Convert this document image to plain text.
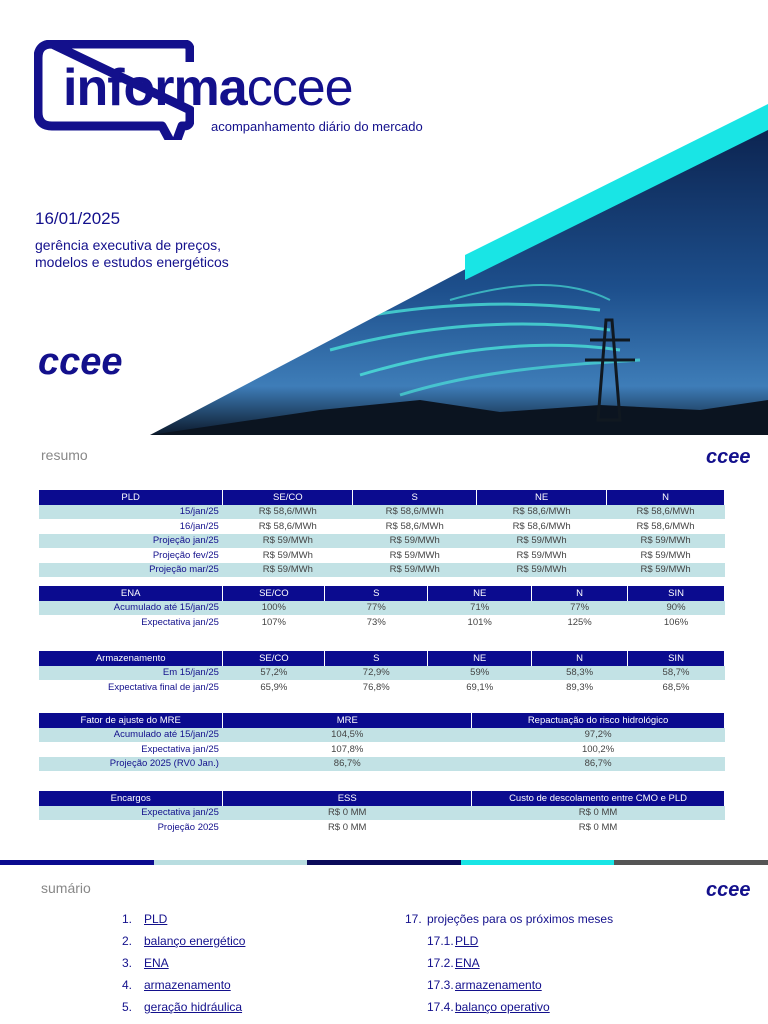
informaccee
acompanhamento diário do mercado
16/01/2025
gerência executiva de preços,
modelos e estudos energéticos
ccee
resumo	ccee
PLD	SE/CO	S	NE	N
15/jan/25	R$ 58,6/MWh	R$ 58,6/MWh	R$ 58,6/MWh	R$ 58,6/MWh
16/jan/25	R$ 58,6/MWh	R$ 58,6/MWh	R$ 58,6/MWh	R$ 58,6/MWh
Projeção jan/25	R$ 59/MWh	R$ 59/MWh	R$ 59/MWh	R$ 59/MWh
Projeção fev/25	R$ 59/MWh	R$ 59/MWh	R$ 59/MWh	R$ 59/MWh
Projeção mar/25	R$ 59/MWh	R$ 59/MWh	R$ 59/MWh	R$ 59/MWh
ENA	SE/CO	S	NE	N	SIN
Acumulado até 15/jan/25	100%	77%	71%	77%	90%
Expectativa jan/25	107%	73%	101%	125%	106%
Armazenamento	SE/CO	S	NE	N	SIN
Em 15/jan/25	57,2%	72,9%	59%	58,3%	58,7%
Expectativa final de jan/25	65,9%	76,8%	69,1%	89,3%	68,5%
Fator de ajuste do MRE	MRE	Repactuação do risco hidrológico
Acumulado até 15/jan/25	104,5%	97,2%
Expectativa jan/25	107,8%	100,2%
Projeção 2025 (RV0 Jan.)	86,7%	86,7%
Encargos	ESS	Custo de descolamento entre CMO e PLD
Expectativa jan/25	R$ 0 MM	R$ 0 MM
Projeção 2025	R$ 0 MM	R$ 0 MM
sumário	ccee
1. PLD
2. balanço energético
3. ENA
4. armazenamento
5. geração hidráulica
17. projeções para os próximos meses
17.1.PLD
17.2.ENA
17.3.armazenamento
17.4.balanço operativo
